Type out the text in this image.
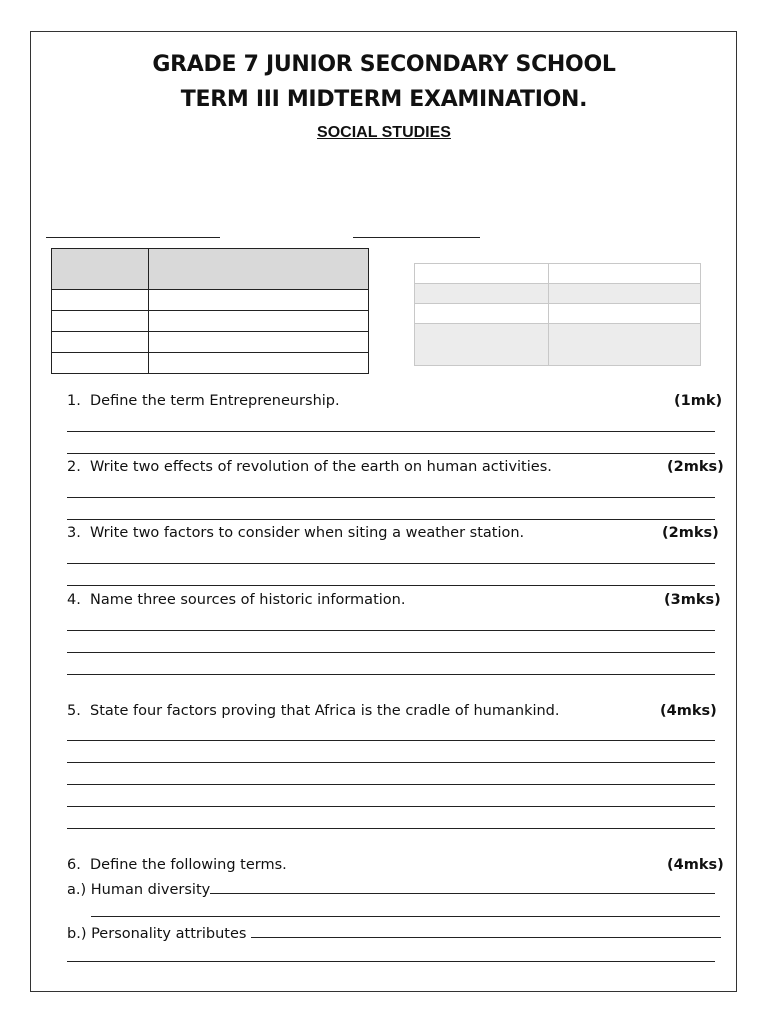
GRADE 7 JUNIOR SECONDARY SCHOOL
TERM III MIDTERM EXAMINATION.
SOCIAL STUDIES

1. Define the term Entrepreneurship.	(1mk)
2. Write two effects of revolution of the earth on human activities.	(2mks)
3. Write two factors to consider when siting a weather station.	(2mks)
4. Name three sources of historic information.	(3mks)
5. State four factors proving that Africa is the cradle of humankind.	(4mks)
6. Define the following terms.	(4mks)
a.) Human diversity
b.) Personality attributes
